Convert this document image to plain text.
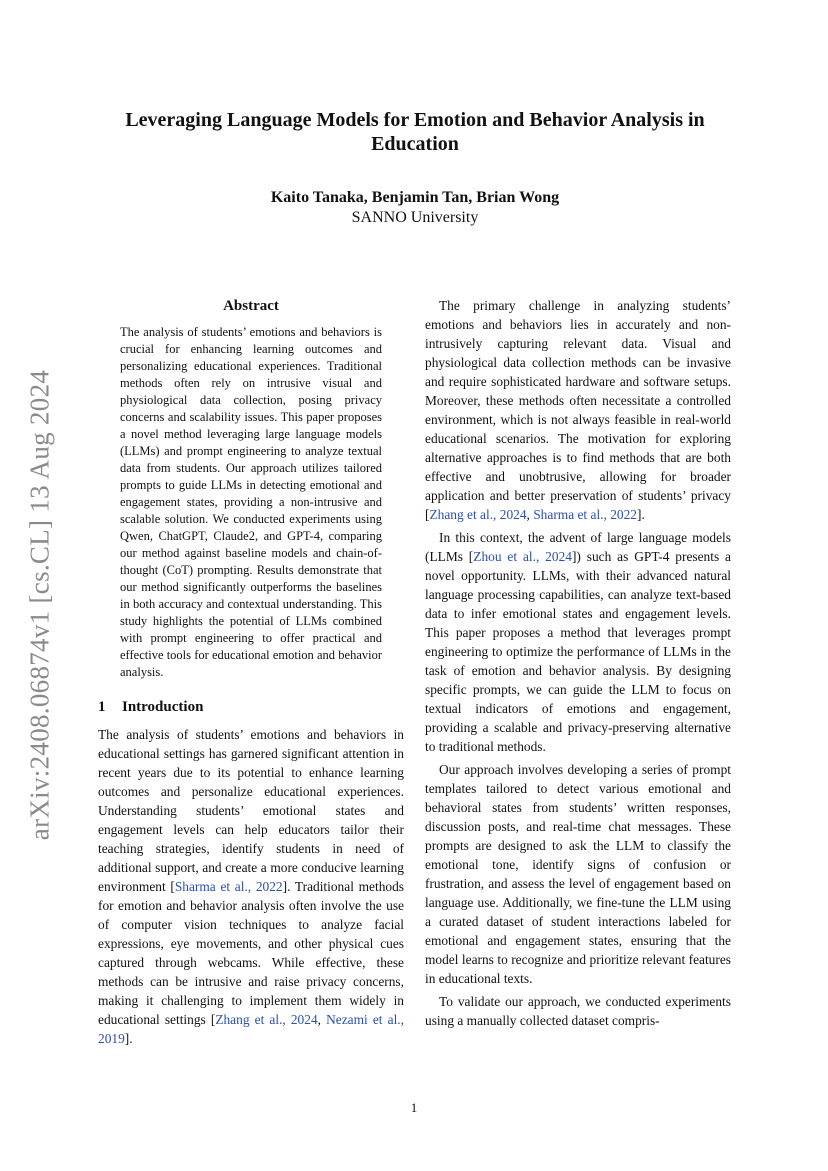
arXiv:2408.06874v1 [cs.CL] 13 Aug 2024
Leveraging Language Models for Emotion and Behavior Analysis in Education

Kaito Tanaka, Benjamin Tan, Brian Wong

SANNO University

Abstract

The analysis of students’ emotions and behaviors is crucial for enhancing learning outcomes and personalizing educational experiences. Traditional methods often rely on intrusive visual and physiological data collection, posing privacy concerns and scalability issues. This paper proposes a novel method leveraging large language models (LLMs) and prompt engineering to analyze textual data from students. Our approach utilizes tailored prompts to guide LLMs in detecting emotional and engagement states, providing a non-intrusive and scalable solution. We conducted experiments using Qwen, ChatGPT, Claude2, and GPT-4, comparing our method against baseline models and chain-of-thought (CoT) prompting. Results demonstrate that our method significantly outperforms the baselines in both accuracy and contextual understanding. This study highlights the potential of LLMs combined with prompt engineering to offer practical and effective tools for educational emotion and behavior analysis.

1 Introduction

The analysis of students’ emotions and behaviors in educational settings has garnered significant attention in recent years due to its potential to enhance learning outcomes and personalize educational experiences. Understanding students’ emotional states and engagement levels can help educators tailor their teaching strategies, identify students in need of additional support, and create a more conducive learning environment [Sharma et al., 2022]. Traditional methods for emotion and behavior analysis often involve the use of computer vision techniques to analyze facial expressions, eye movements, and other physical cues captured through webcams. While effective, these methods can be intrusive and raise privacy concerns, making it challenging to implement them widely in educational settings [Zhang et al., 2024, Nezami et al., 2019].

The primary challenge in analyzing students’ emotions and behaviors lies in accurately and non-intrusively capturing relevant data. Visual and physiological data collection methods can be invasive and require sophisticated hardware and software setups. Moreover, these methods often necessitate a controlled environment, which is not always feasible in real-world educational scenarios. The motivation for exploring alternative approaches is to find methods that are both effective and unobtrusive, allowing for broader application and better preservation of students’ privacy [Zhang et al., 2024, Sharma et al., 2022].

In this context, the advent of large language models (LLMs [Zhou et al., 2024]) such as GPT-4 presents a novel opportunity. LLMs, with their advanced natural language processing capabilities, can analyze text-based data to infer emotional states and engagement levels. This paper proposes a method that leverages prompt engineering to optimize the performance of LLMs in the task of emotion and behavior analysis. By designing specific prompts, we can guide the LLM to focus on textual indicators of emotions and engagement, providing a scalable and privacy-preserving alternative to traditional methods.

Our approach involves developing a series of prompt templates tailored to detect various emotional and behavioral states from students’ written responses, discussion posts, and real-time chat messages. These prompts are designed to ask the LLM to classify the emotional tone, identify signs of confusion or frustration, and assess the level of engagement based on language use. Additionally, we fine-tune the LLM using a curated dataset of student interactions labeled for emotional and engagement states, ensuring that the model learns to recognize and prioritize relevant features in educational texts.

To validate our approach, we conducted experiments using a manually collected dataset compris-

1
